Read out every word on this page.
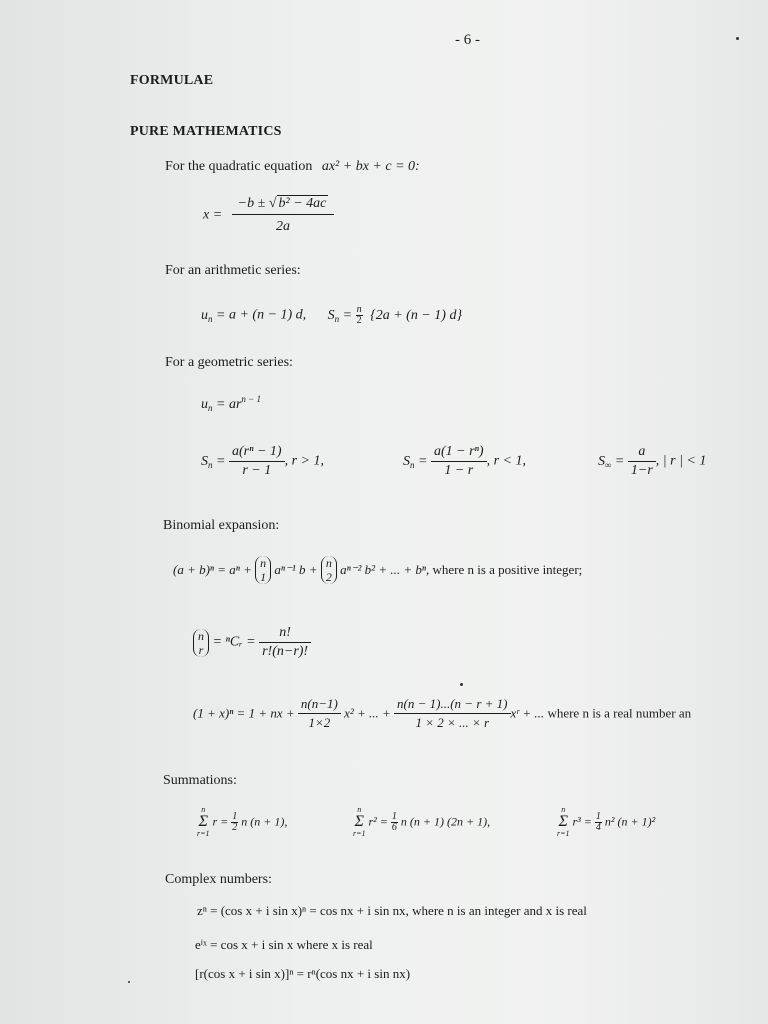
- 6 -
FORMULAE
PURE MATHEMATICS
For the quadratic equation ax² + bx + c = 0:
$x = \frac{\text{−b ± √ b² − 4ac}}{2a}$
For an arithmetic series:
$u_n = a + (n - 1)$ d, $S_n = \frac{n}{2} \{2a + (n - 1)$ d}
For a geometric series:
$u_n = ar^{n - 1}$
$S_n = \frac{\text{a(rⁿ − 1)}}{r - 1}$ , r > 1,	$S_n = \frac{\text{a(1 − rⁿ)}}{1 - r}$ , r < 1,	$S_\infty = \frac{a}{1-r}$ , | r | < 1
Binomial expansion:
(a + b)ⁿ = aⁿ + n
1 aⁿ⁻¹ b + n
2 aⁿ⁻² b² + ... + bⁿ, where n is a positive integer;
n
r = ⁿCᵣ = $\frac{n!}{r!(n-r)!}$
(1 + x)ⁿ = 1 + nx + $\frac{n(n-1)}{1\times 2} x^2$ + ... + $\frac{n(n - 1)...(n - r + 1)}{1 \times 2 \times ... \times r}$ xʳ + ... where n is a real number an
Summations:
n
Σ
r=1
$r = \frac{1}{2}$ n (n + 1),
n
Σ
r=1
$r^2 = \frac{1}{6}$ n (n + 1) (2n + 1),
n
Σ
r=1
$r^3 = \frac{1}{4} n^2$ (n + 1)²
Complex numbers:
zⁿ = (cos x + i sin x)ⁿ = cos nx + i sin nx, where n is an integer and x is real
eⁱˣ = cos x + i sin x where x is real
[r(cos x + i sin x)]ⁿ = rⁿ(cos nx + i sin nx)
